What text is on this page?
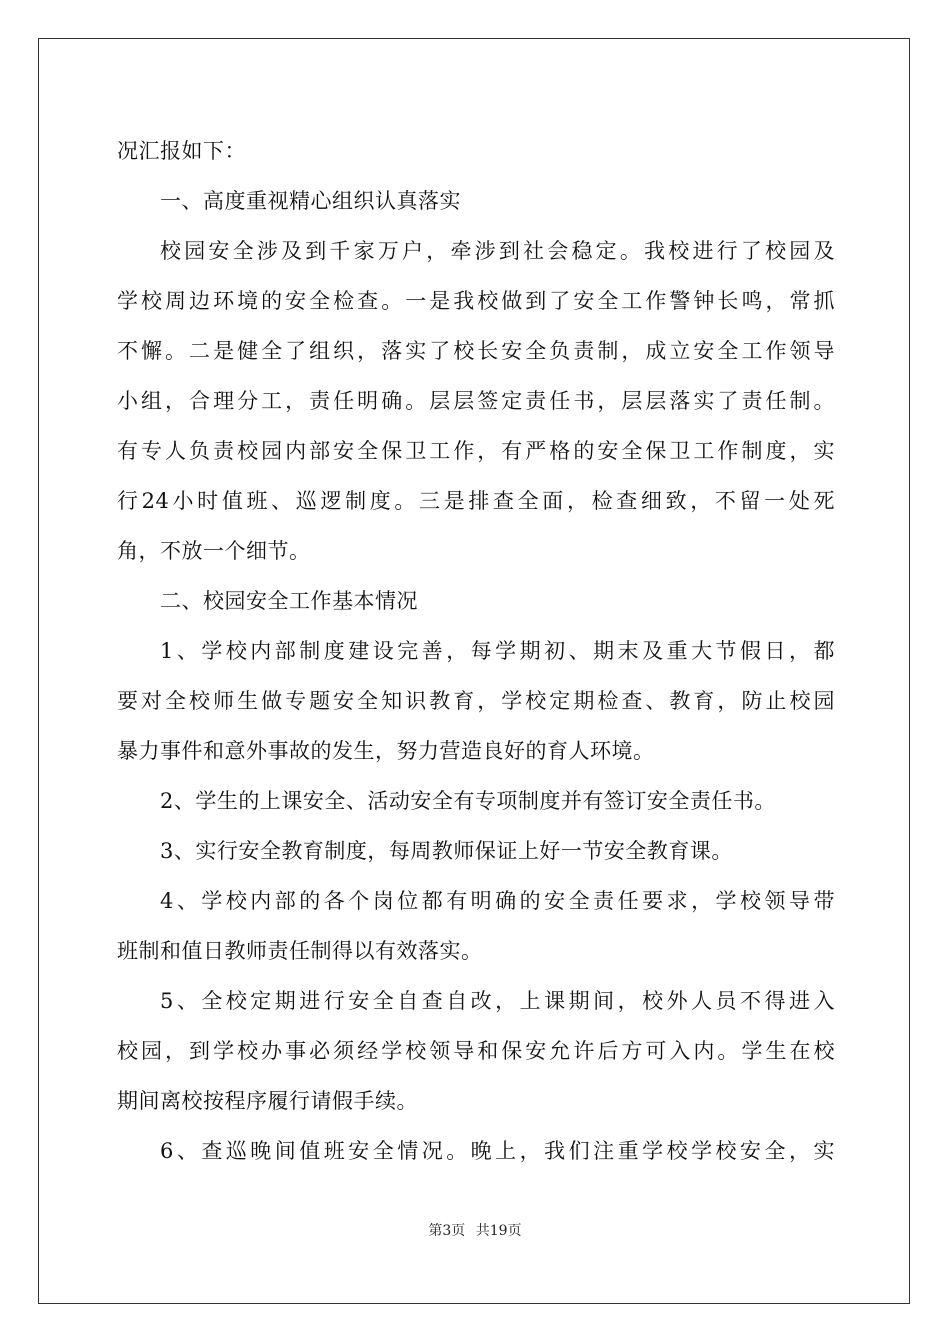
况汇报如下：
一、高度重视精心组织认真落实
校园安全涉及到千家万户，牵涉到社会稳定。我校进行了校园及
学校周边环境的安全检查。一是我校做到了安全工作警钟长鸣，常抓
不懈。二是健全了组织，落实了校长安全负责制，成立安全工作领导
小组，合理分工，责任明确。层层签定责任书，层层落实了责任制。
有专人负责校园内部安全保卫工作，有严格的安全保卫工作制度，实
行24小时值班、巡逻制度。三是排查全面，检查细致，不留一处死
角，不放一个细节。
二、校园安全工作基本情况
1、学校内部制度建设完善，每学期初、期末及重大节假日，都
要对全校师生做专题安全知识教育，学校定期检查、教育，防止校园
暴力事件和意外事故的发生，努力营造良好的育人环境。
2、学生的上课安全、活动安全有专项制度并有签订安全责任书。
3、实行安全教育制度，每周教师保证上好一节安全教育课。
4、学校内部的各个岗位都有明确的安全责任要求，学校领导带
班制和值日教师责任制得以有效落实。
5、全校定期进行安全自查自改，上课期间，校外人员不得进入
校园，到学校办事必须经学校领导和保安允许后方可入内。学生在校
期间离校按程序履行请假手续。
6、查巡晚间值班安全情况。晚上，我们注重学校学校安全，实
第3页 共19页
